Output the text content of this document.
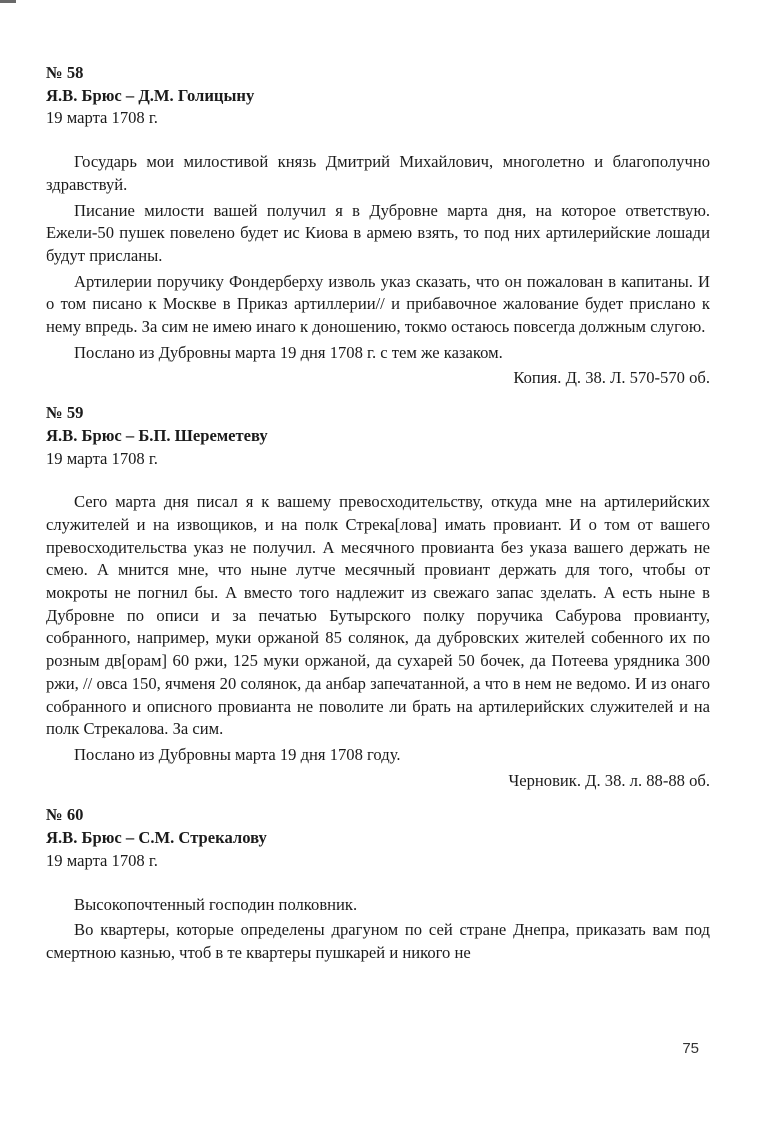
№ 58
Я.В. Брюс – Д.М. Голицыну
19 марта 1708 г.

Государь мои милостивой князь Дмитрий Михайлович, многолетно и благополучно здравствуй.

Писание милости вашей получил я в Дубровне марта дня, на которое ответствую. Ежели-50 пушек повелено будет ис Киова в армею взять, то под них артилерийские лошади будут присланы.

Артилерии поручику Фондерберху изволь указ сказать, что он пожалован в капитаны. И о том писано к Москве в Приказ артиллерии// и прибавочное жалование будет прислано к нему впредь. За сим не имею инаго к доношению, токмо остаюсь повсегда должным слугою.

Послано из Дубровны марта 19 дня 1708 г. с тем же казаком.

Копия. Д. 38. Л. 570-570 об.
№ 59
Я.В. Брюс – Б.П. Шереметеву
19 марта 1708 г.

Сего марта дня писал я к вашему превосходительству, откуда мне на артилерийских служителей и на извощиков, и на полк Стрека[лова] имать провиант. И о том от вашего превосходительства указ не получил. А месячного провианта без указа вашего держать не смею. А мнится мне, что ныне лутче месячный провиант держать для того, чтобы от мокроты не погнил бы. А вместо того надлежит из свежаго запас зделать. А есть ныне в Дубровне по описи и за печатью Бутырского полку поручика Сабурова провианту, собранного, например, муки оржаной 85 солянок, да дубровских жителей собенного их по розным дв[орам] 60 ржи, 125 муки оржаной, да сухарей 50 бочек, да Потеева урядника 300 ржи, // овса 150, ячменя 20 солянок, да анбар запечатанной, а что в нем не ведомо. И из онаго собранного и описного провианта не поволите ли брать на артилерийских служителей и на полк Стрекалова. За сим.

Послано из Дубровны марта 19 дня 1708 году.

Черновик. Д. 38. л. 88-88 об.
№ 60
Я.В. Брюс – С.М. Стрекалову
19 марта 1708 г.

Высокопочтенный господин полковник.

Во квартеры, которые определены драгуном по сей стране Днепра, приказать вам под смертною казнью, чтоб в те квартеры пушкарей и никого не

75
